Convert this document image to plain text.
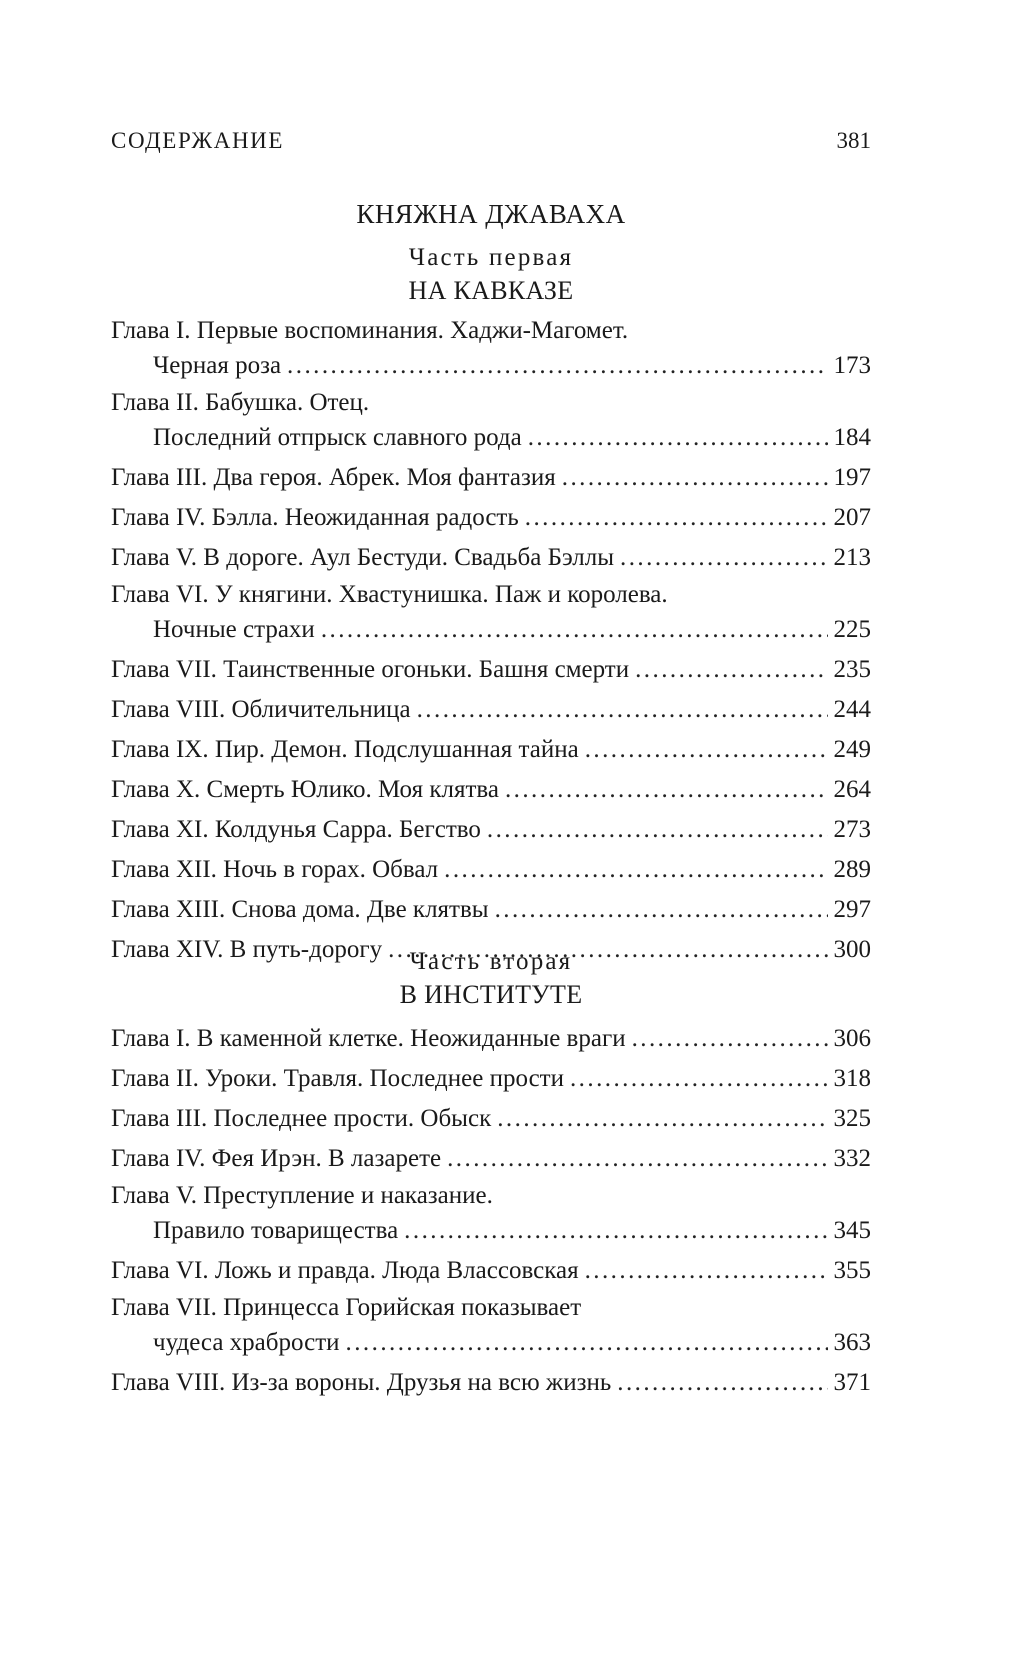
СОДЕРЖАНИЕ	381
КНЯЖНА ДЖАВАХА
Часть первая
НА КАВКАЗЕ
Глава I. Первые воспоминания. Хаджи-Магомет.
Черная роза . . .	173
Глава II. Бабушка. Отец.
Последний отпрыск славного рода . . .	184
Глава III. Два героя. Абрек. Моя фантазия . . .	197
Глава IV. Бэлла. Неожиданная радость . . .	207
Глава V. В дороге. Аул Бестуди. Свадьба Бэллы . . .	213
Глава VI. У княгини. Хвастунишка. Паж и королева.
Ночные страхи . . .	225
Глава VII. Таинственные огоньки. Башня смерти . . .	235
Глава VIII. Обличительница . . .	244
Глава IX. Пир. Демон. Подслушанная тайна . . .	249
Глава X. Смерть Юлико. Моя клятва . . .	264
Глава XI. Колдунья Сарра. Бегство . . .	273
Глава XII. Ночь в горах. Обвал . . .	289
Глава XIII. Снова дома. Две клятвы . . .	297
Глава XIV. В путь-дорогу . . .	300
Часть вторая
В ИНСТИТУТЕ
Глава I. В каменной клетке. Неожиданные враги . . .	306
Глава II. Уроки. Травля. Последнее прости . . .	318
Глава III. Последнее прости. Обыск . . .	325
Глава IV. Фея Ирэн. В лазарете . . .	332
Глава V. Преступление и наказание.
Правило товарищества . . .	345
Глава VI. Ложь и правда. Люда Влассовская . . .	355
Глава VII. Принцесса Горийская показывает
чудеса храбрости . . .	363
Глава VIII. Из-за вороны. Друзья на всю жизнь . . .	371
